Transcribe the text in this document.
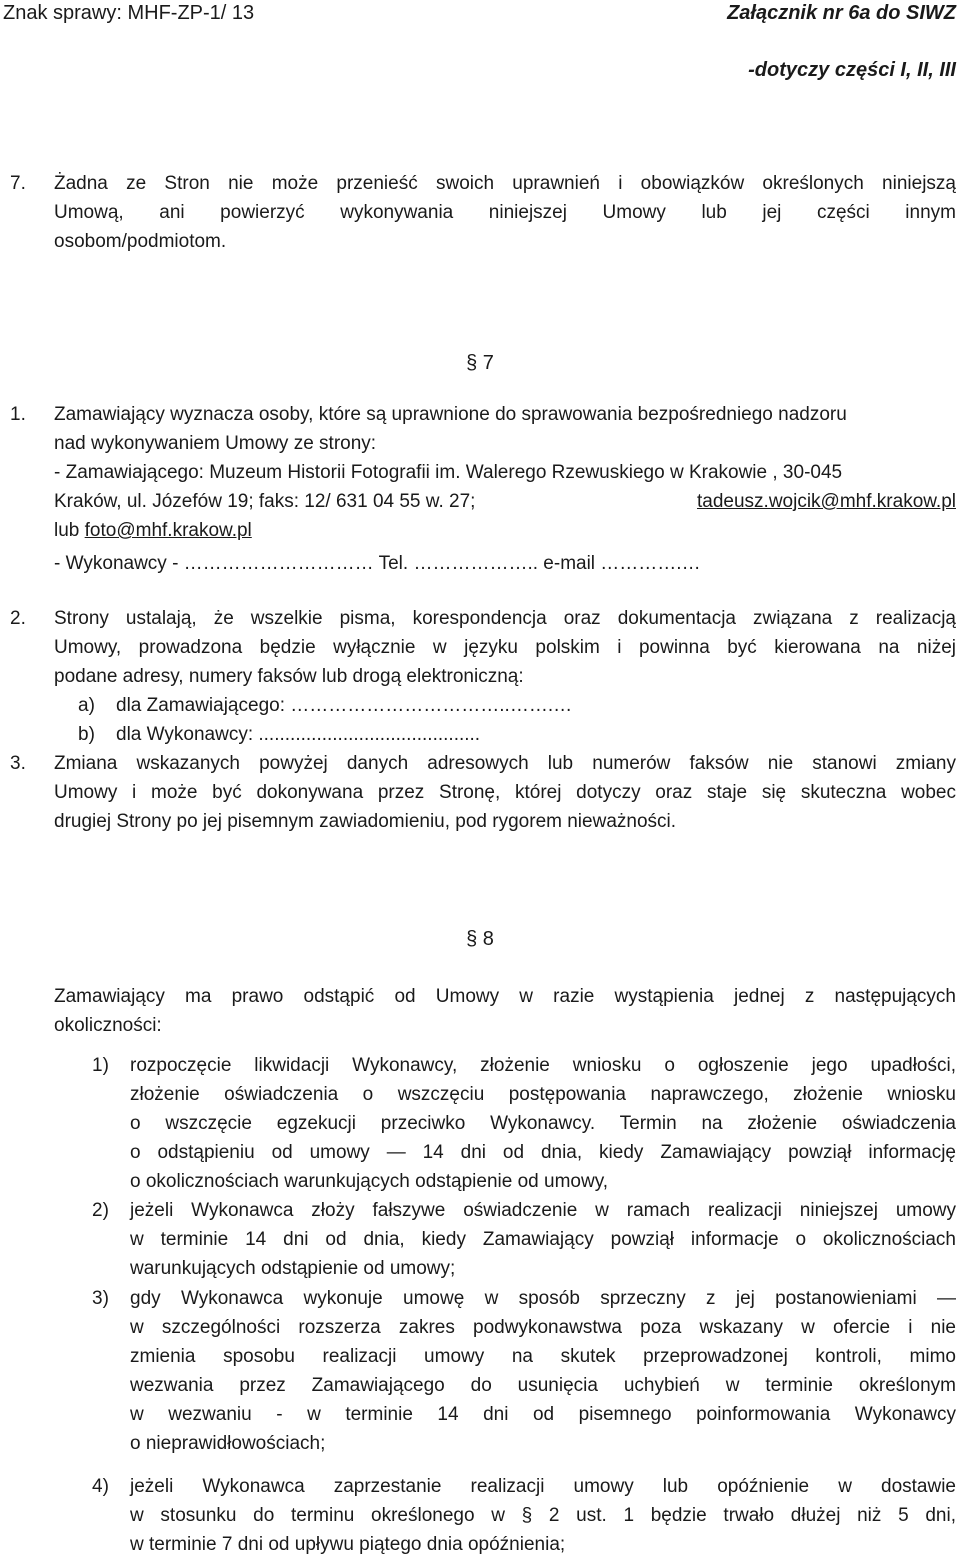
Znak sprawy: MHF-ZP-1/ 13	Załącznik nr 6a do SIWZ
-dotyczy części I, II, III
7. Żadna ze Stron nie może przenieść swoich uprawnień i obowiązków określonych niniejszą
Umową, ani powierzyć wykonywania niniejszej Umowy lub jej części innym
osobom/podmiotom.
§ 7
1. Zamawiający wyznacza osoby, które są uprawnione do sprawowania bezpośredniego nadzoru
nad wykonywaniem Umowy ze strony:
- Zamawiającego: Muzeum Historii Fotografii im. Walerego Rzewuskiego w Krakowie , 30-045
Kraków, ul. Józefów 19; faks: 12/ 631 04 55 w. 27;	tadeusz.wojcik@mhf.krakow.pl
lub foto@mhf.krakow.pl
- Wykonawcy - ………………………… Tel. ……………….. e-mail ………….…
2. Strony ustalają, że wszelkie pisma, korespondencja oraz dokumentacja związana z realizacją
Umowy, prowadzona będzie wyłącznie w języku polskim i powinna być kierowana na niżej
podane adresy, numery faksów lub drogą elektroniczną:
a) dla Zamawiającego: ……………………………..…….…
b) dla Wykonawcy: ..........................................
3. Zmiana wskazanych powyżej danych adresowych lub numerów faksów nie stanowi zmiany
Umowy i może być dokonywana przez Stronę, której dotyczy oraz staje się skuteczna wobec
drugiej Strony po jej pisemnym zawiadomieniu, pod rygorem nieważności.
§ 8
Zamawiający ma prawo odstąpić od Umowy w razie wystąpienia jednej z następujących
okoliczności:
1) rozpoczęcie likwidacji Wykonawcy, złożenie wniosku o ogłoszenie jego upadłości,
złożenie oświadczenia o wszczęciu postępowania naprawczego, złożenie wniosku
o wszczęcie egzekucji przeciwko Wykonawcy. Termin na złożenie oświadczenia
o odstąpieniu od umowy — 14 dni od dnia, kiedy Zamawiający powziął informację
o okolicznościach warunkujących odstąpienie od umowy,
2) jeżeli Wykonawca złoży fałszywe oświadczenie w ramach realizacji niniejszej umowy
w terminie 14 dni od dnia, kiedy Zamawiający powziął informacje o okolicznościach
warunkujących odstąpienie od umowy;
3) gdy Wykonawca wykonuje umowę w sposób sprzeczny z jej postanowieniami —
w szczególności rozszerza zakres podwykonawstwa poza wskazany w ofercie i nie
zmienia sposobu realizacji umowy na skutek przeprowadzonej kontroli, mimo
wezwania przez Zamawiającego do usunięcia uchybień w terminie określonym
w wezwaniu - w terminie 14 dni od pisemnego poinformowania Wykonawcy
o nieprawidłowościach;
4) jeżeli Wykonawca zaprzestanie realizacji umowy lub opóźnienie w dostawie
w stosunku do terminu określonego w § 2 ust. 1 będzie trwało dłużej niż 5 dni,
w terminie 7 dni od upływu piątego dnia opóźnienia;
